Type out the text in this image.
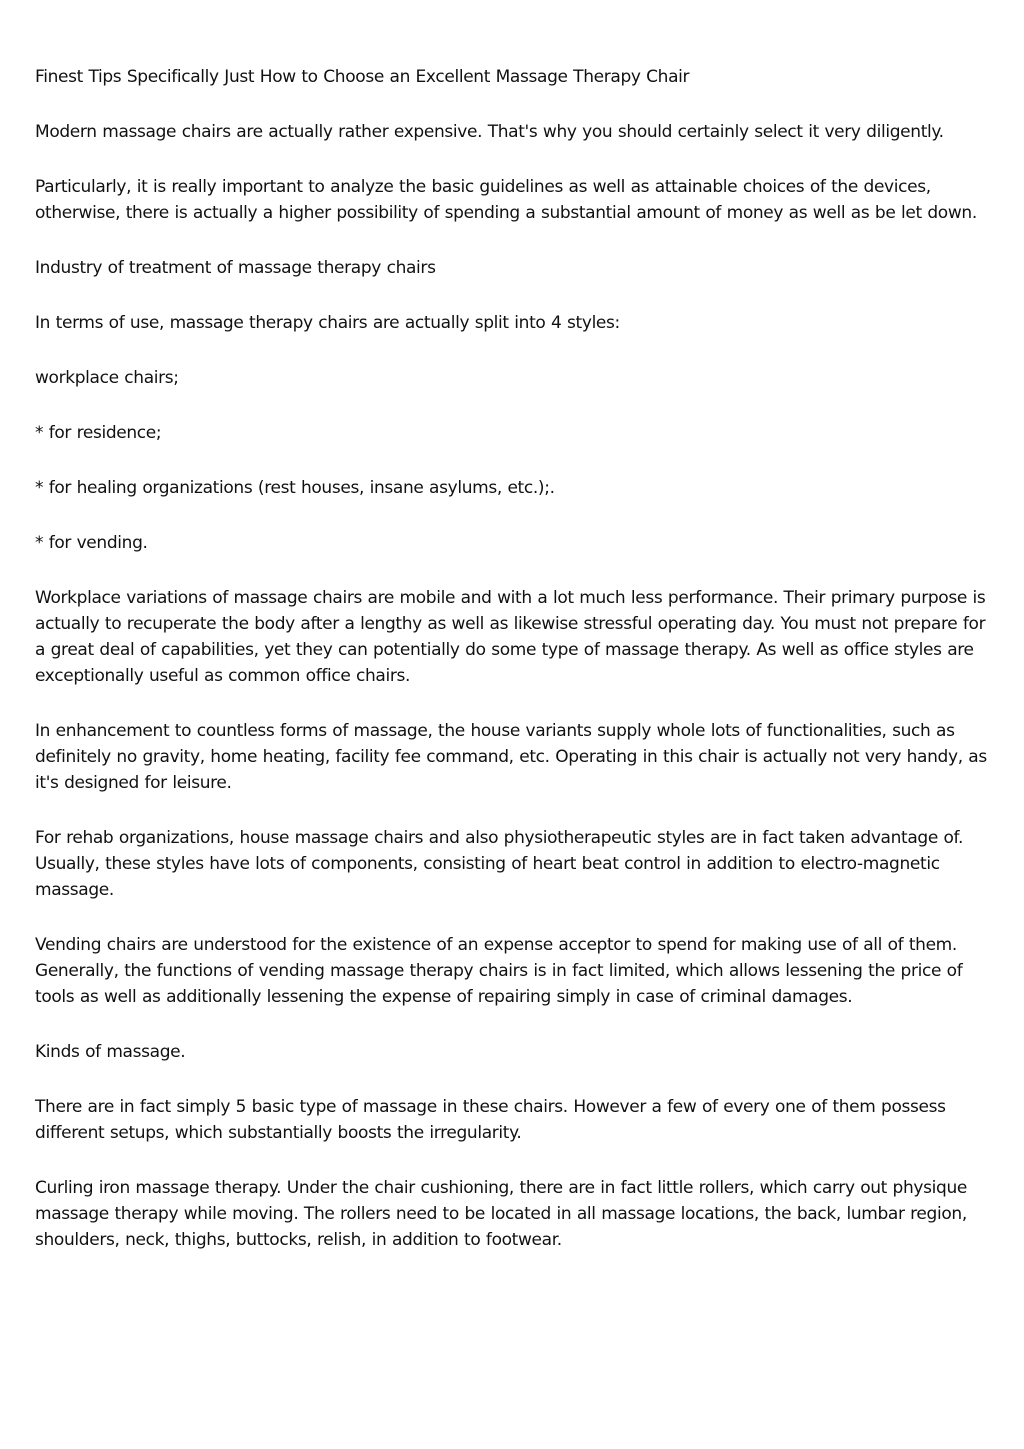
Finest Tips Specifically Just How to Choose an Excellent Massage Therapy Chair

Modern massage chairs are actually rather expensive. That's why you should certainly select it very diligently.

Particularly, it is really important to analyze the basic guidelines as well as attainable choices of the devices, otherwise, there is actually a higher possibility of spending a substantial amount of money as well as be let down.

Industry of treatment of massage therapy chairs

In terms of use, massage therapy chairs are actually split into 4 styles:

workplace chairs;

* for residence;

* for healing organizations (rest houses, insane asylums, etc.);.

* for vending.

Workplace variations of massage chairs are mobile and with a lot much less performance. Their primary purpose is actually to recuperate the body after a lengthy as well as likewise stressful operating day. You must not prepare for a great deal of capabilities, yet they can potentially do some type of massage therapy. As well as office styles are exceptionally useful as common office chairs.

In enhancement to countless forms of massage, the house variants supply whole lots of functionalities, such as definitely no gravity, home heating, facility fee command, etc. Operating in this chair is actually not very handy, as it's designed for leisure.

For rehab organizations, house massage chairs and also physiotherapeutic styles are in fact taken advantage of. Usually, these styles have lots of components, consisting of heart beat control in addition to electro-magnetic massage.

Vending chairs are understood for the existence of an expense acceptor to spend for making use of all of them. Generally, the functions of vending massage therapy chairs is in fact limited, which allows lessening the price of tools as well as additionally lessening the expense of repairing simply in case of criminal damages.

Kinds of massage.

There are in fact simply 5 basic type of massage in these chairs. However a few of every one of them possess different setups, which substantially boosts the irregularity.

Curling iron massage therapy. Under the chair cushioning, there are in fact little rollers, which carry out physique massage therapy while moving. The rollers need to be located in all massage locations, the back, lumbar region, shoulders, neck, thighs, buttocks, relish, in addition to footwear.
